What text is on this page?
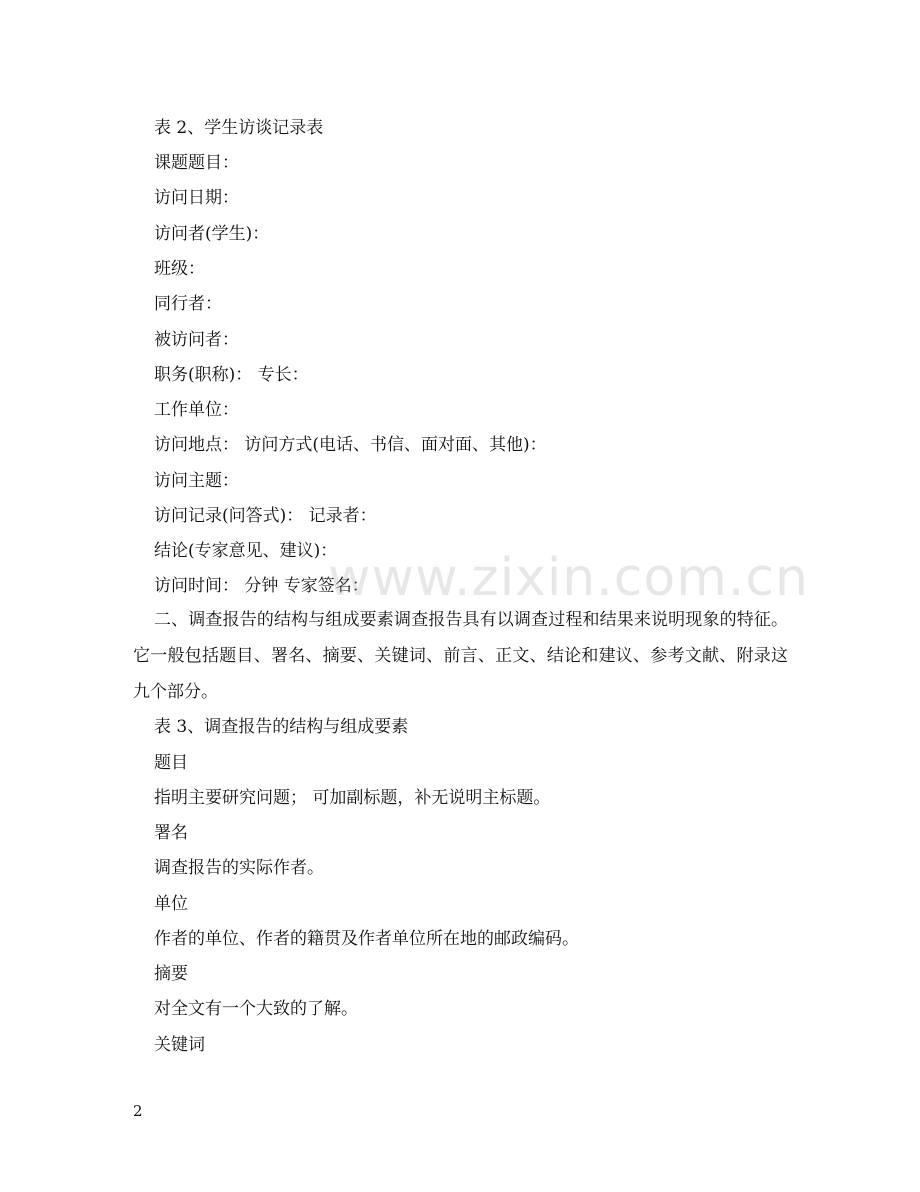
表 2、学生访谈记录表
课题题目：
访问日期：
访问者(学生)：
班级：
同行者：
被访问者：
职务(职称)： 专长：
工作单位：
访问地点： 访问方式(电话、书信、面对面、其他)：
访问主题：
访问记录(问答式)： 记录者：
结论(专家意见、建议)：
访问时间： 分钟 专家签名：
二、调查报告的结构与组成要素调查报告具有以调查过程和结果来说明现象的特征。它一般包括题目、署名、摘要、关键词、前言、正文、结论和建议、参考文献、附录这九个部分。
表 3、调查报告的结构与组成要素
题目
指明主要研究问题； 可加副标题，补无说明主标题。
署名
调查报告的实际作者。
单位
作者的单位、作者的籍贯及作者单位所在地的邮政编码。
摘要
对全文有一个大致的了解。
关键词
www.zixin.com.cn
2
